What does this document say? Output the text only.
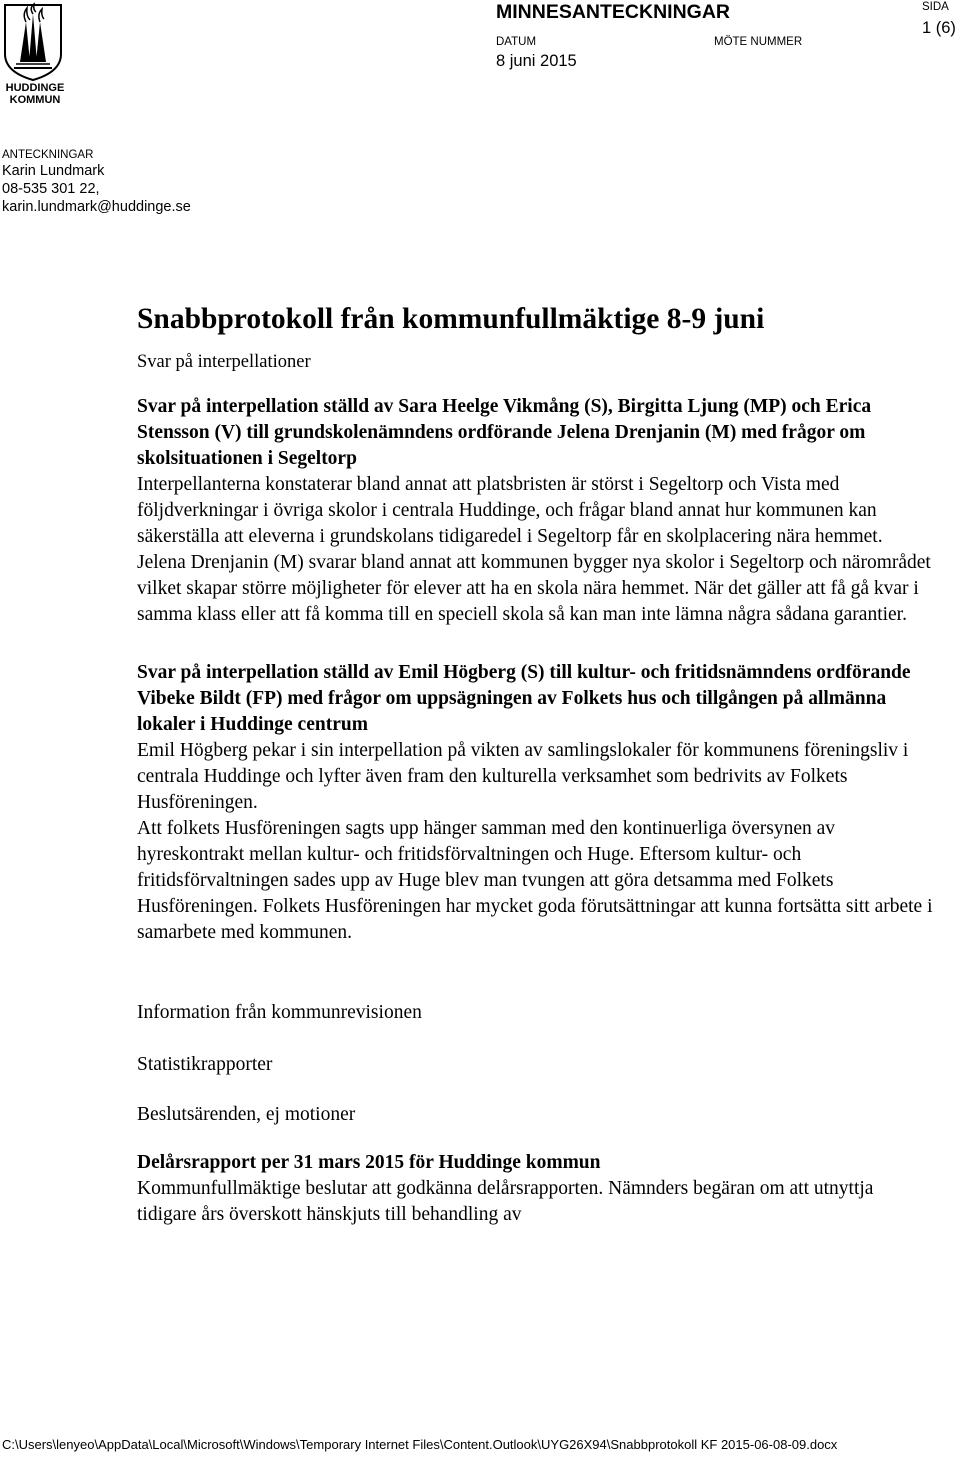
HUDDINGE
KOMMUN
MINNESANTECKNINGAR
DATUM
8 juni 2015
MÖTE NUMMER
SIDA
1 (6)
ANTECKNINGAR
Karin Lundmark
08-535 301 22,
karin.lundmark@huddinge.se
Snabbprotokoll från kommunfullmäktige 8-9 juni

Svar på interpellationer

Svar på interpellation ställd av Sara Heelge Vikmång (S), Birgitta Ljung (MP) och Erica Stensson (V) till grundskolenämndens ordförande Jelena Drenjanin (M) med frågor om skolsituationen i Segeltorp

Interpellanterna konstaterar bland annat att platsbristen är störst i Segeltorp och Vista med följdverkningar i övriga skolor i centrala Huddinge, och frågar bland annat hur kommunen kan säkerställa att eleverna i grundskolans tidigaredel i Segeltorp får en skolplacering nära hemmet.

Jelena Drenjanin (M) svarar bland annat att kommunen bygger nya skolor i Segeltorp och närområdet vilket skapar större möjligheter för elever att ha en skola nära hemmet. När det gäller att få gå kvar i samma klass eller att få komma till en speciell skola så kan man inte lämna några sådana garantier.

Svar på interpellation ställd av Emil Högberg (S) till kultur- och fritidsnämndens ordförande Vibeke Bildt (FP) med frågor om uppsägningen av Folkets hus och tillgången på allmänna lokaler i Huddinge centrum

Emil Högberg pekar i sin interpellation på vikten av samlingslokaler för kommunens föreningsliv i centrala Huddinge och lyfter även fram den kulturella verksamhet som bedrivits av Folkets Husföreningen.

Att folkets Husföreningen sagts upp hänger samman med den kontinuerliga översynen av hyreskontrakt mellan kultur- och fritidsförvaltningen och Huge. Eftersom kultur- och fritidsförvaltningen sades upp av Huge blev man tvungen att göra detsamma med Folkets Husföreningen. Folkets Husföreningen har mycket goda förutsättningar att kunna fortsätta sitt arbete i samarbete med kommunen.

Information från kommunrevisionen

Statistikrapporter

Beslutsärenden, ej motioner

Delårsrapport per 31 mars 2015 för Huddinge kommun

Kommunfullmäktige beslutar att godkänna delårsrapporten. Nämnders begäran om att utnyttja tidigare års överskott hänskjuts till behandling av

C:\Users\lenyeo\AppData\Local\Microsoft\Windows\Temporary Internet Files\Content.Outlook\UYG26X94\Snabbprotokoll KF 2015-06-08-09.docx
